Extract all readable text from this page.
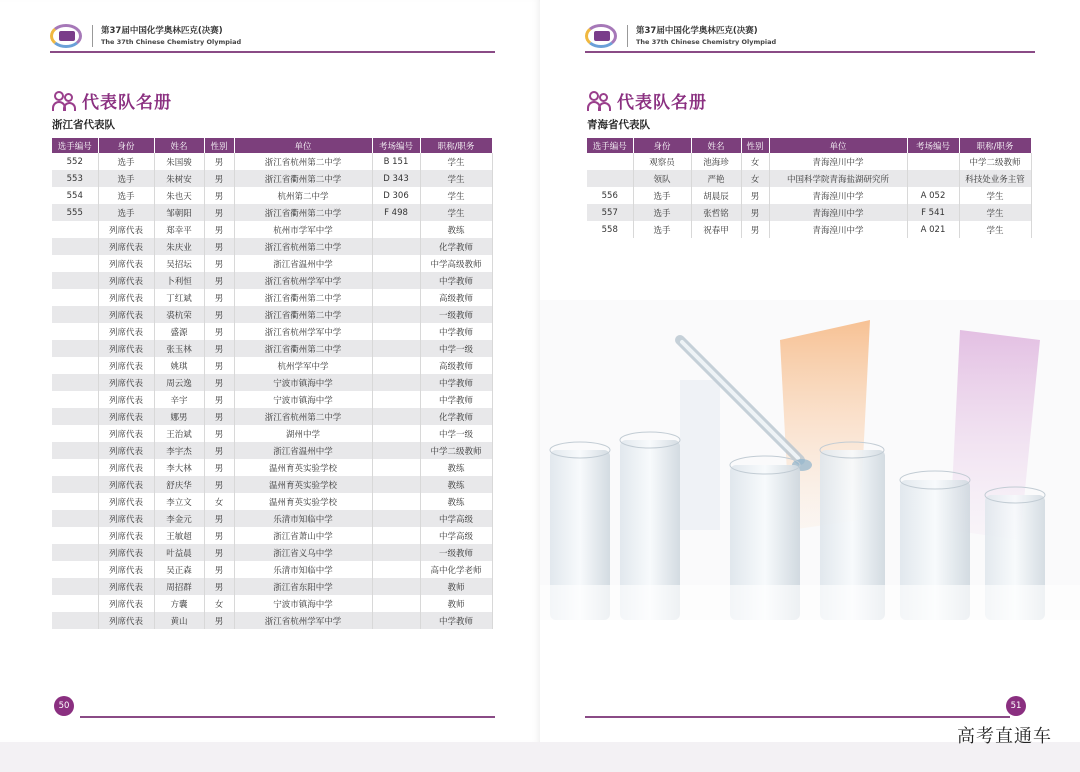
第37届中国化学奥林匹克(决赛)
The 37th Chinese Chemistry Olympiad
代表队名册
浙江省代表队
选手编号	身份	姓名	性别	单位	考场编号	职称/职务
552	选手	朱国骏	男	浙江省杭州第二中学	B 151	学生
553	选手	朱树安	男	浙江省衢州第二中学	D 343	学生
554	选手	朱也天	男	杭州第二中学	D 306	学生
555	选手	邹朝阳	男	浙江省衢州第二中学	F 498	学生
	列席代表	郑幸平	男	杭州市学军中学		教练
	列席代表	朱庆业	男	浙江省杭州第二中学		化学教师
	列席代表	吴招坛	男	浙江省温州中学		中学高级教师
	列席代表	卜利恒	男	浙江省杭州学军中学		中学教师
	列席代表	丁红斌	男	浙江省衢州第二中学		高级教师
	列席代表	裘杭荣	男	浙江省衢州第二中学		一级教师
	列席代表	盛源	男	浙江省杭州学军中学		中学教师
	列席代表	张玉林	男	浙江省衢州第二中学		中学一级
	列席代表	姚琪	男	杭州学军中学		高级教师
	列席代表	周云逸	男	宁波市镇海中学		中学教师
	列席代表	辛宇	男	宁波市镇海中学		中学教师
	列席代表	娜男	男	浙江省杭州第二中学		化学教师
	列席代表	王治斌	男	湖州中学		中学一级
	列席代表	李宇杰	男	浙江省温州中学		中学二级教师
	列席代表	李大林	男	温州育英实验学校		教练
	列席代表	舒庆华	男	温州育英实验学校		教练
	列席代表	李立文	女	温州育英实验学校		教练
	列席代表	李金元	男	乐清市知临中学		中学高级
	列席代表	王敏超	男	浙江省萧山中学		中学高级
	列席代表	叶益晨	男	浙江省义乌中学		一级教师
	列席代表	吴正森	男	乐清市知临中学		高中化学老师
	列席代表	周招群	男	浙江省东阳中学		教师
	列席代表	方囊	女	宁波市镇海中学		教师
	列席代表	黄山	男	浙江省杭州学军中学		中学教师
50
第37届中国化学奥林匹克(决赛)
The 37th Chinese Chemistry Olympiad
代表队名册
青海省代表队
选手编号	身份	姓名	性别	单位	考场编号	职称/职务
	观察员	池海珍	女	青海湟川中学		中学二级教师
	领队	严艳	女	中国科学院青海盐湖研究所		科技处业务主管
556	选手	胡晨辰	男	青海湟川中学	A 052	学生
557	选手	张哲铭	男	青海湟川中学	F 541	学生
558	选手	祝春甲	男	青海湟川中学	A 021	学生
51
高考直通车
